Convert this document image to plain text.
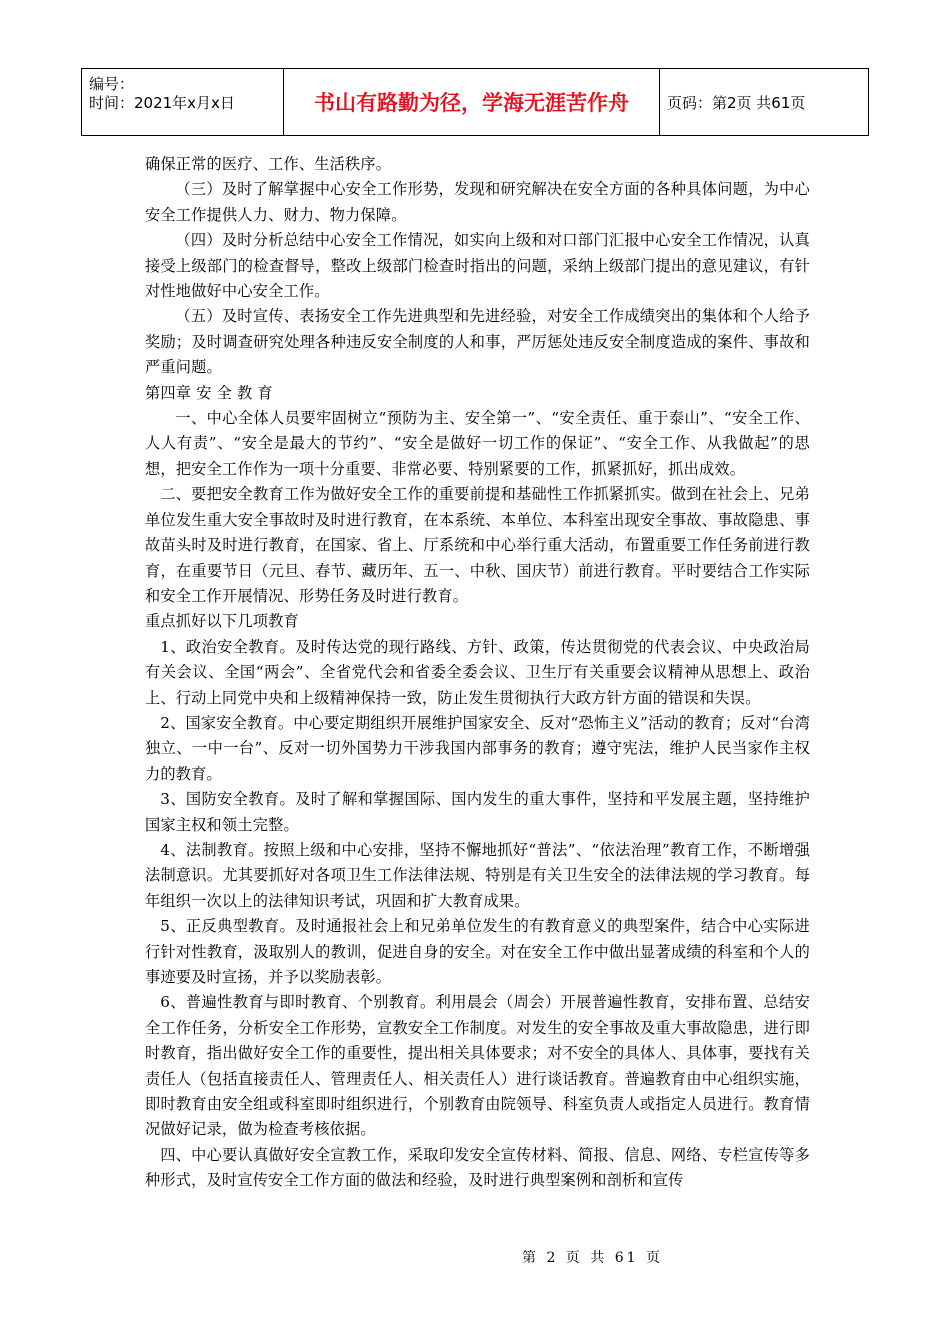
编号：
时间：2021年x月x日	书山有路勤为径，学海无涯苦作舟	页码：第2页 共61页

确保正常的医疗、工作、生活秩序。

（三）及时了解掌握中心安全工作形势，发现和研究解决在安全方面的各种具体问题，为中心安全工作提供人力、财力、物力保障。

（四）及时分析总结中心安全工作情况，如实向上级和对口部门汇报中心安全工作情况，认真接受上级部门的检查督导，整改上级部门检查时指出的问题，采纳上级部门提出的意见建议，有针对性地做好中心安全工作。

（五）及时宣传、表扬安全工作先进典型和先进经验，对安全工作成绩突出的集体和个人给予奖励；及时调查研究处理各种违反安全制度的人和事，严厉惩处违反安全制度造成的案件、事故和严重问题。

第四章 安 全 教 育

一、中心全体人员要牢固树立“预防为主、安全第一”、“安全责任、重于泰山”、“安全工作、人人有责”、“安全是最大的节约”、“安全是做好一切工作的保证”、“安全工作、从我做起”的思想，把安全工作作为一项十分重要、非常必要、特别紧要的工作，抓紧抓好，抓出成效。

二、要把安全教育工作为做好安全工作的重要前提和基础性工作抓紧抓实。做到在社会上、兄弟单位发生重大安全事故时及时进行教育，在本系统、本单位、本科室出现安全事故、事故隐患、事故苗头时及时进行教育，在国家、省上、厅系统和中心举行重大活动，布置重要工作任务前进行教育，在重要节日（元旦、春节、藏历年、五一、中秋、国庆节）前进行教育。平时要结合工作实际和安全工作开展情况、形势任务及时进行教育。

重点抓好以下几项教育

1、政治安全教育。及时传达党的现行路线、方针、政策，传达贯彻党的代表会议、中央政治局有关会议、全国“两会”、全省党代会和省委全委会议、卫生厅有关重要会议精神从思想上、政治上、行动上同党中央和上级精神保持一致，防止发生贯彻执行大政方针方面的错误和失误。

2、国家安全教育。中心要定期组织开展维护国家安全、反对“恐怖主义”活动的教育；反对“台湾独立、一中一台”、反对一切外国势力干涉我国内部事务的教育；遵守宪法，维护人民当家作主权力的教育。

3、国防安全教育。及时了解和掌握国际、国内发生的重大事件，坚持和平发展主题，坚持维护国家主权和领土完整。

4、法制教育。按照上级和中心安排，坚持不懈地抓好“普法”、“依法治理”教育工作，不断增强法制意识。尤其要抓好对各项卫生工作法律法规、特别是有关卫生安全的法律法规的学习教育。每年组织一次以上的法律知识考试，巩固和扩大教育成果。

5、正反典型教育。及时通报社会上和兄弟单位发生的有教育意义的典型案件，结合中心实际进行针对性教育，汲取别人的教训，促进自身的安全。对在安全工作中做出显著成绩的科室和个人的事迹要及时宣扬，并予以奖励表彰。

6、普遍性教育与即时教育、个别教育。利用晨会（周会）开展普遍性教育，安排布置、总结安全工作任务，分析安全工作形势，宣教安全工作制度。对发生的安全事故及重大事故隐患，进行即时教育，指出做好安全工作的重要性，提出相关具体要求；对不安全的具体人、具体事，要找有关责任人（包括直接责任人、管理责任人、相关责任人）进行谈话教育。普遍教育由中心组织实施，即时教育由安全组或科室即时组织进行，个别教育由院领导、科室负责人或指定人员进行。教育情况做好记录，做为检查考核依据。

四、中心要认真做好安全宣教工作，采取印发安全宣传材料、简报、信息、网络、专栏宣传等多种形式，及时宣传安全工作方面的做法和经验，及时进行典型案例和剖析和宣传

第 2 页 共 61 页
